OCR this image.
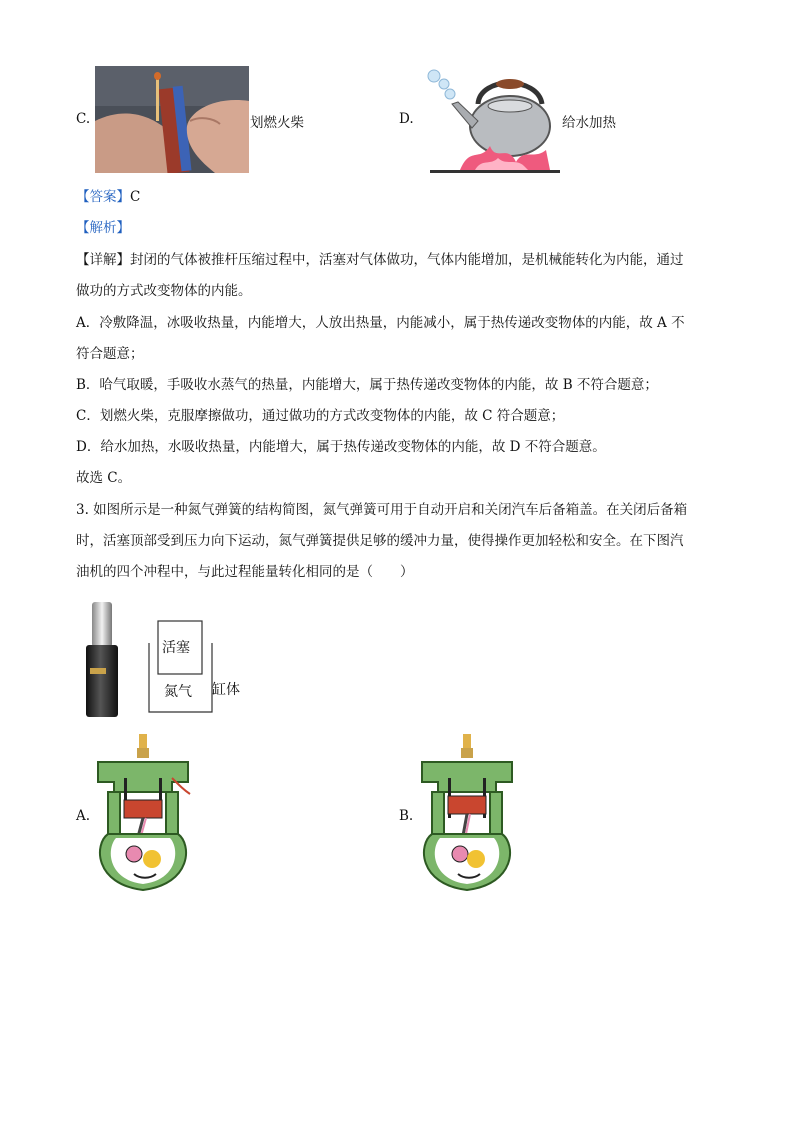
C.	划燃火柴	D.	给水加热
【答案】C
【解析】
【详解】封闭的气体被推杆压缩过程中，活塞对气体做功，气体内能增加，是机械能转化为内能，通过
做功的方式改变物体的内能。
A．冷敷降温，冰吸收热量，内能增大，人放出热量，内能减小，属于热传递改变物体的内能，故 A 不
符合题意；
B．哈气取暖，手吸收水蒸气的热量，内能增大，属于热传递改变物体的内能，故 B 不符合题意；
C．划燃火柴，克服摩擦做功，通过做功的方式改变物体的内能，故 C 符合题意；
D．给水加热，水吸收热量，内能增大，属于热传递改变物体的内能，故 D 不符合题意。
故选 C。
3. 如图所示是一种氮气弹簧的结构简图，氮气弹簧可用于自动开启和关闭汽车后备箱盖。在关闭后备箱
时，活塞顶部受到压力向下运动，氮气弹簧提供足够的缓冲力量，使得操作更加轻松和安全。在下图汽
油机的四个冲程中，与此过程能量转化相同的是（　　）
活塞
氮气 缸体
A.	B.
